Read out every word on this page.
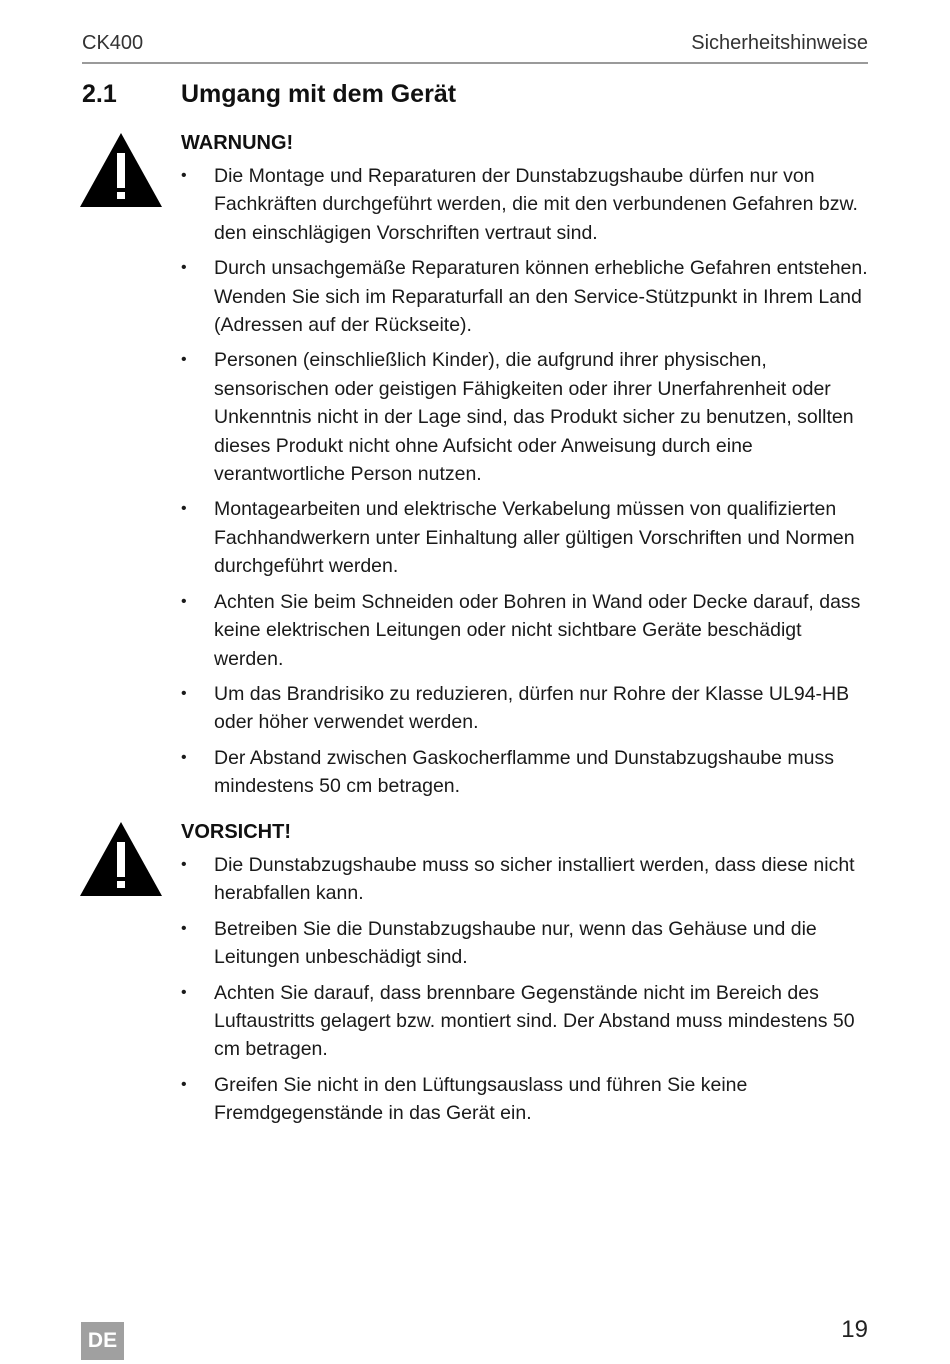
CK400	Sicherheitshinweise
2.1	Umgang mit dem Gerät
WARNUNG!
• Die Montage und Reparaturen der Dunstabzugshaube dürfen nur von Fachkräften durchgeführt werden, die mit den verbundenen Gefahren bzw. den einschlägigen Vorschriften vertraut sind.
• Durch unsachgemäße Reparaturen können erhebliche Gefahren entstehen. Wenden Sie sich im Reparaturfall an den Service-Stützpunkt in Ihrem Land (Adressen auf der Rückseite).
• Personen (einschließlich Kinder), die aufgrund ihrer physischen, sensorischen oder geistigen Fähigkeiten oder ihrer Unerfahrenheit oder Unkenntnis nicht in der Lage sind, das Produkt sicher zu benutzen, sollten dieses Produkt nicht ohne Aufsicht oder Anweisung durch eine verantwortliche Person nutzen.
• Montagearbeiten und elektrische Verkabelung müssen von qualifizierten Fachhandwerkern unter Einhaltung aller gültigen Vorschriften und Normen durchgeführt werden.
• Achten Sie beim Schneiden oder Bohren in Wand oder Decke darauf, dass keine elektrischen Leitungen oder nicht sichtbare Geräte beschädigt werden.
• Um das Brandrisiko zu reduzieren, dürfen nur Rohre der Klasse UL94-HB oder höher verwendet werden.
• Der Abstand zwischen Gaskocherflamme und Dunstabzugshaube muss mindestens 50 cm betragen.
VORSICHT!
• Die Dunstabzugshaube muss so sicher installiert werden, dass diese nicht herabfallen kann.
• Betreiben Sie die Dunstabzugshaube nur, wenn das Gehäuse und die Leitungen unbeschädigt sind.
• Achten Sie darauf, dass brennbare Gegenstände nicht im Bereich des Luftaustritts gelagert bzw. montiert sind. Der Abstand muss mindestens 50 cm betragen.
• Greifen Sie nicht in den Lüftungsauslass und führen Sie keine Fremdgegenstände in das Gerät ein.
19
DE
